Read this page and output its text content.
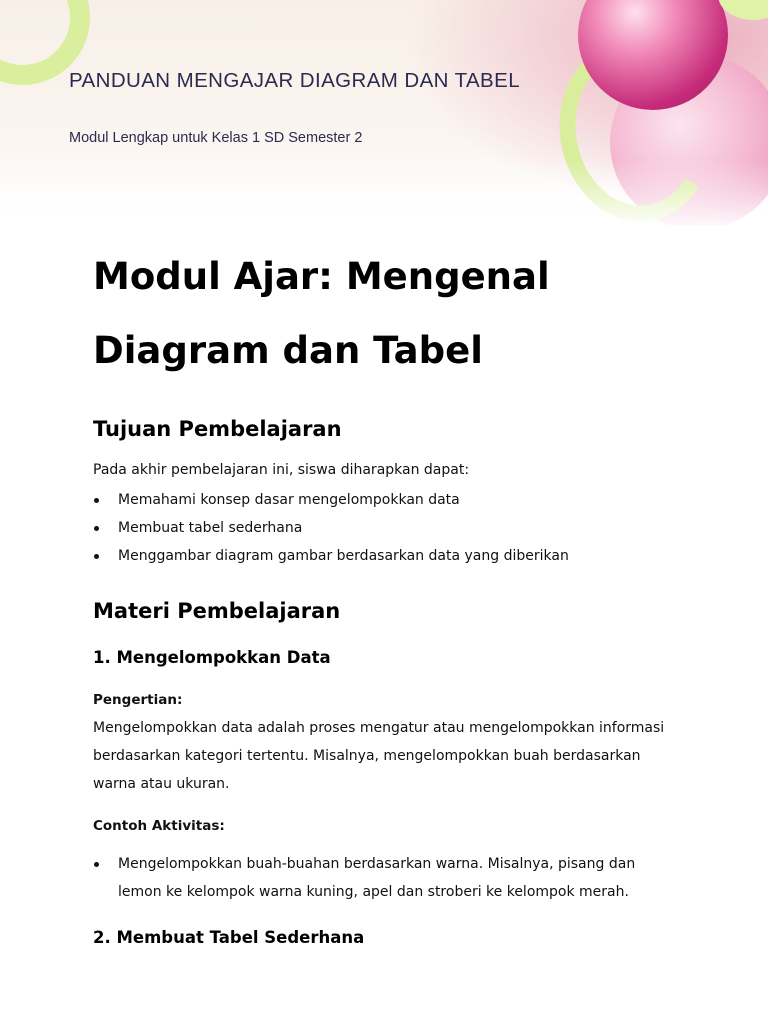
PANDUAN MENGAJAR DIAGRAM DAN TABEL

Modul Lengkap untuk Kelas 1 SD Semester 2

Modul Ajar: Mengenal Diagram dan Tabel
Tujuan Pembelajaran

Pada akhir pembelajaran ini, siswa diharapkan dapat:

Memahami konsep dasar mengelompokkan data
Membuat tabel sederhana
Menggambar diagram gambar berdasarkan data yang diberikan
Materi Pembelajaran
1. Mengelompokkan Data

Pengertian:

Mengelompokkan data adalah proses mengatur atau mengelompokkan informasi berdasarkan kategori tertentu. Misalnya, mengelompokkan buah berdasarkan warna atau ukuran.

Contoh Aktivitas:

Mengelompokkan buah-buahan berdasarkan warna. Misalnya, pisang dan lemon ke kelompok warna kuning, apel dan stroberi ke kelompok merah.
2. Membuat Tabel Sederhana
